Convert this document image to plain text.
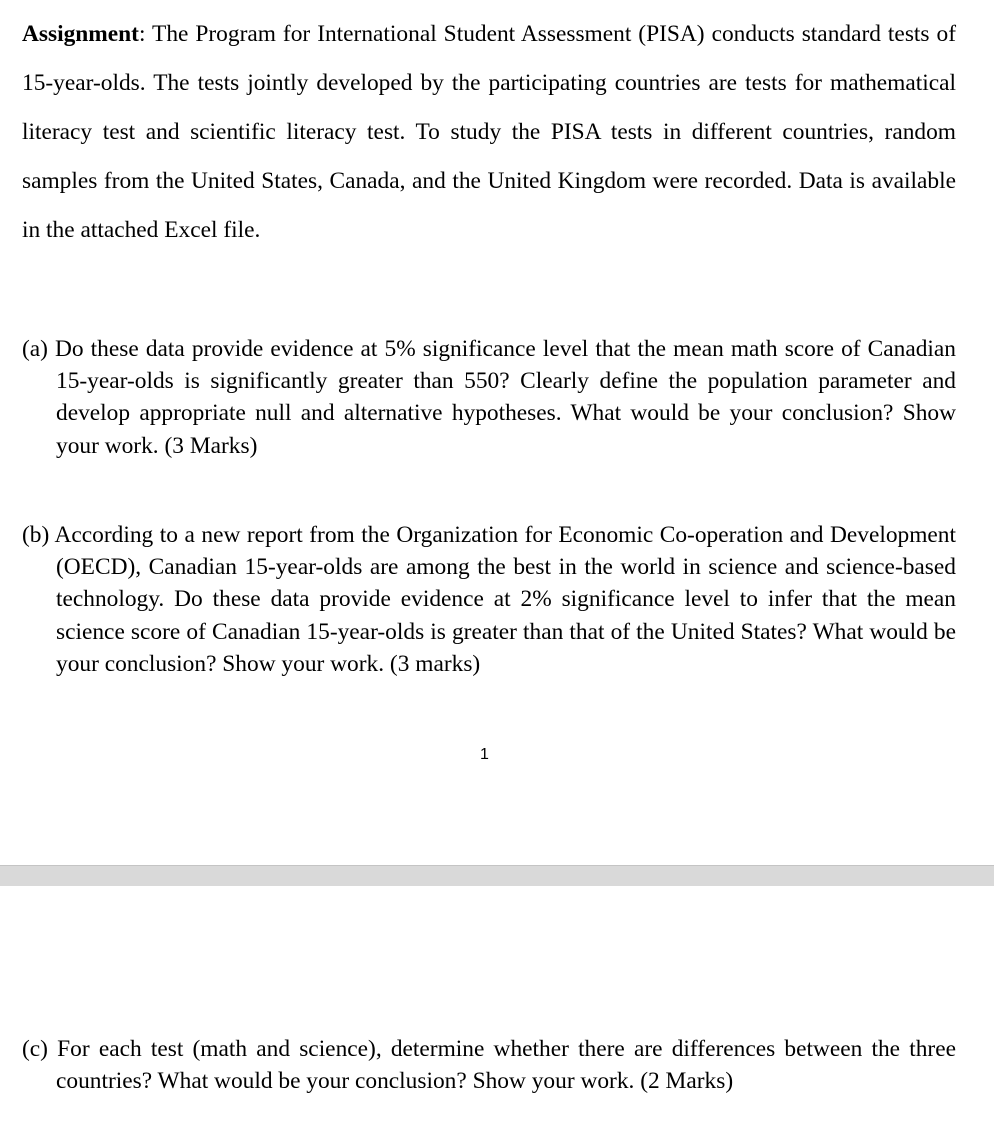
Assignment: The Program for International Student Assessment (PISA) conducts standard tests of 15-year-olds. The tests jointly developed by the participating countries are tests for mathematical literacy test and scientific literacy test. To study the PISA tests in different countries, random samples from the United States, Canada, and the United Kingdom were recorded. Data is available in the attached Excel file.

(a) Do these data provide evidence at 5% significance level that the mean math score of Canadian 15-year-olds is significantly greater than 550? Clearly define the population parameter and develop appropriate null and alternative hypotheses. What would be your conclusion? Show your work. (3 Marks)

(b) According to a new report from the Organization for Economic Co-operation and Development (OECD), Canadian 15-year-olds are among the best in the world in science and science-based technology. Do these data provide evidence at 2% significance level to infer that the mean science score of Canadian 15-year-olds is greater than that of the United States? What would be your conclusion? Show your work. (3 marks)

1

(c) For each test (math and science), determine whether there are differences between the three countries? What would be your conclusion? Show your work. (2 Marks)
